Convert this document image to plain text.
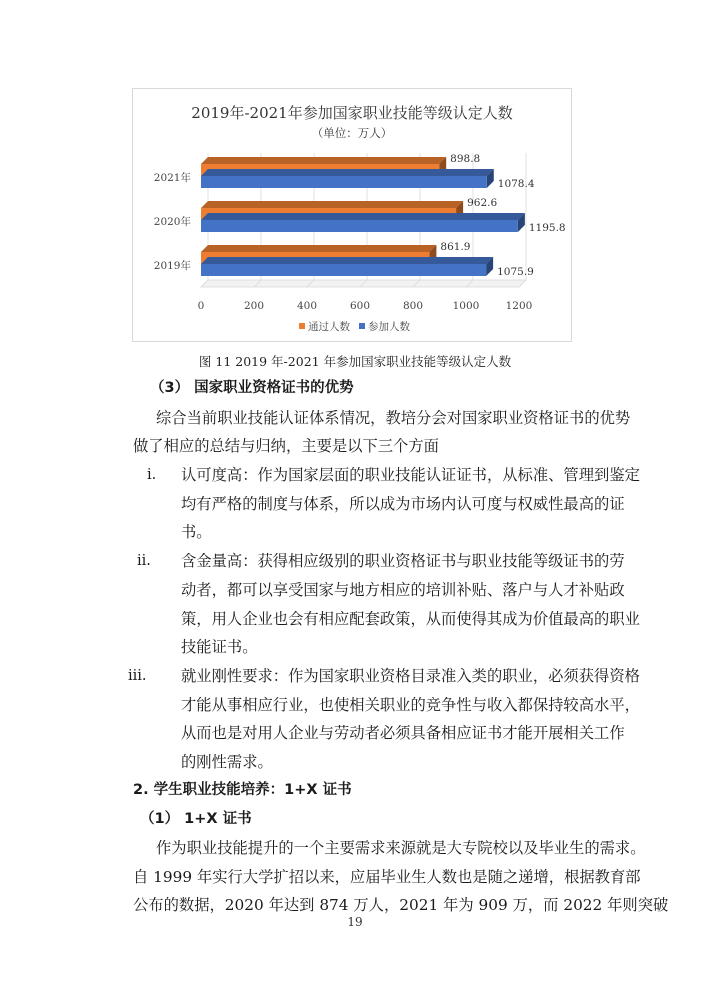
2019年-2021年参加国家职业技能等级认定人数
（单位：万人）
0	200	400	600	800	1000	1200
2021年
898.8
1078.4
2020年
962.6
1195.8
2019年
861.9
1075.9
通过人数 参加人数
图 11 2019 年-2021 年参加国家职业技能等级认定人数
（3） 国家职业资格证书的优势
综合当前职业技能认证体系情况，教培分会对国家职业资格证书的优势
做了相应的总结与归纳，主要是以下三个方面
i. 认可度高：作为国家层面的职业技能认证证书，从标准、管理到鉴定
均有严格的制度与体系，所以成为市场内认可度与权威性最高的证
书。
ii. 含金量高：获得相应级别的职业资格证书与职业技能等级证书的劳
动者，都可以享受国家与地方相应的培训补贴、落户与人才补贴政
策，用人企业也会有相应配套政策，从而使得其成为价值最高的职业
技能证书。
iii. 就业刚性要求：作为国家职业资格目录准入类的职业，必须获得资格
才能从事相应行业，也使相关职业的竞争性与收入都保持较高水平，
从而也是对用人企业与劳动者必须具备相应证书才能开展相关工作
的刚性需求。
2. 学生职业技能培养：1+X 证书
（1） 1+X 证书
作为职业技能提升的一个主要需求来源就是大专院校以及毕业生的需求。
自 1999 年实行大学扩招以来，应届毕业生人数也是随之递增，根据教育部
公布的数据，2020 年达到 874 万人，2021 年为 909 万，而 2022 年则突破
19
